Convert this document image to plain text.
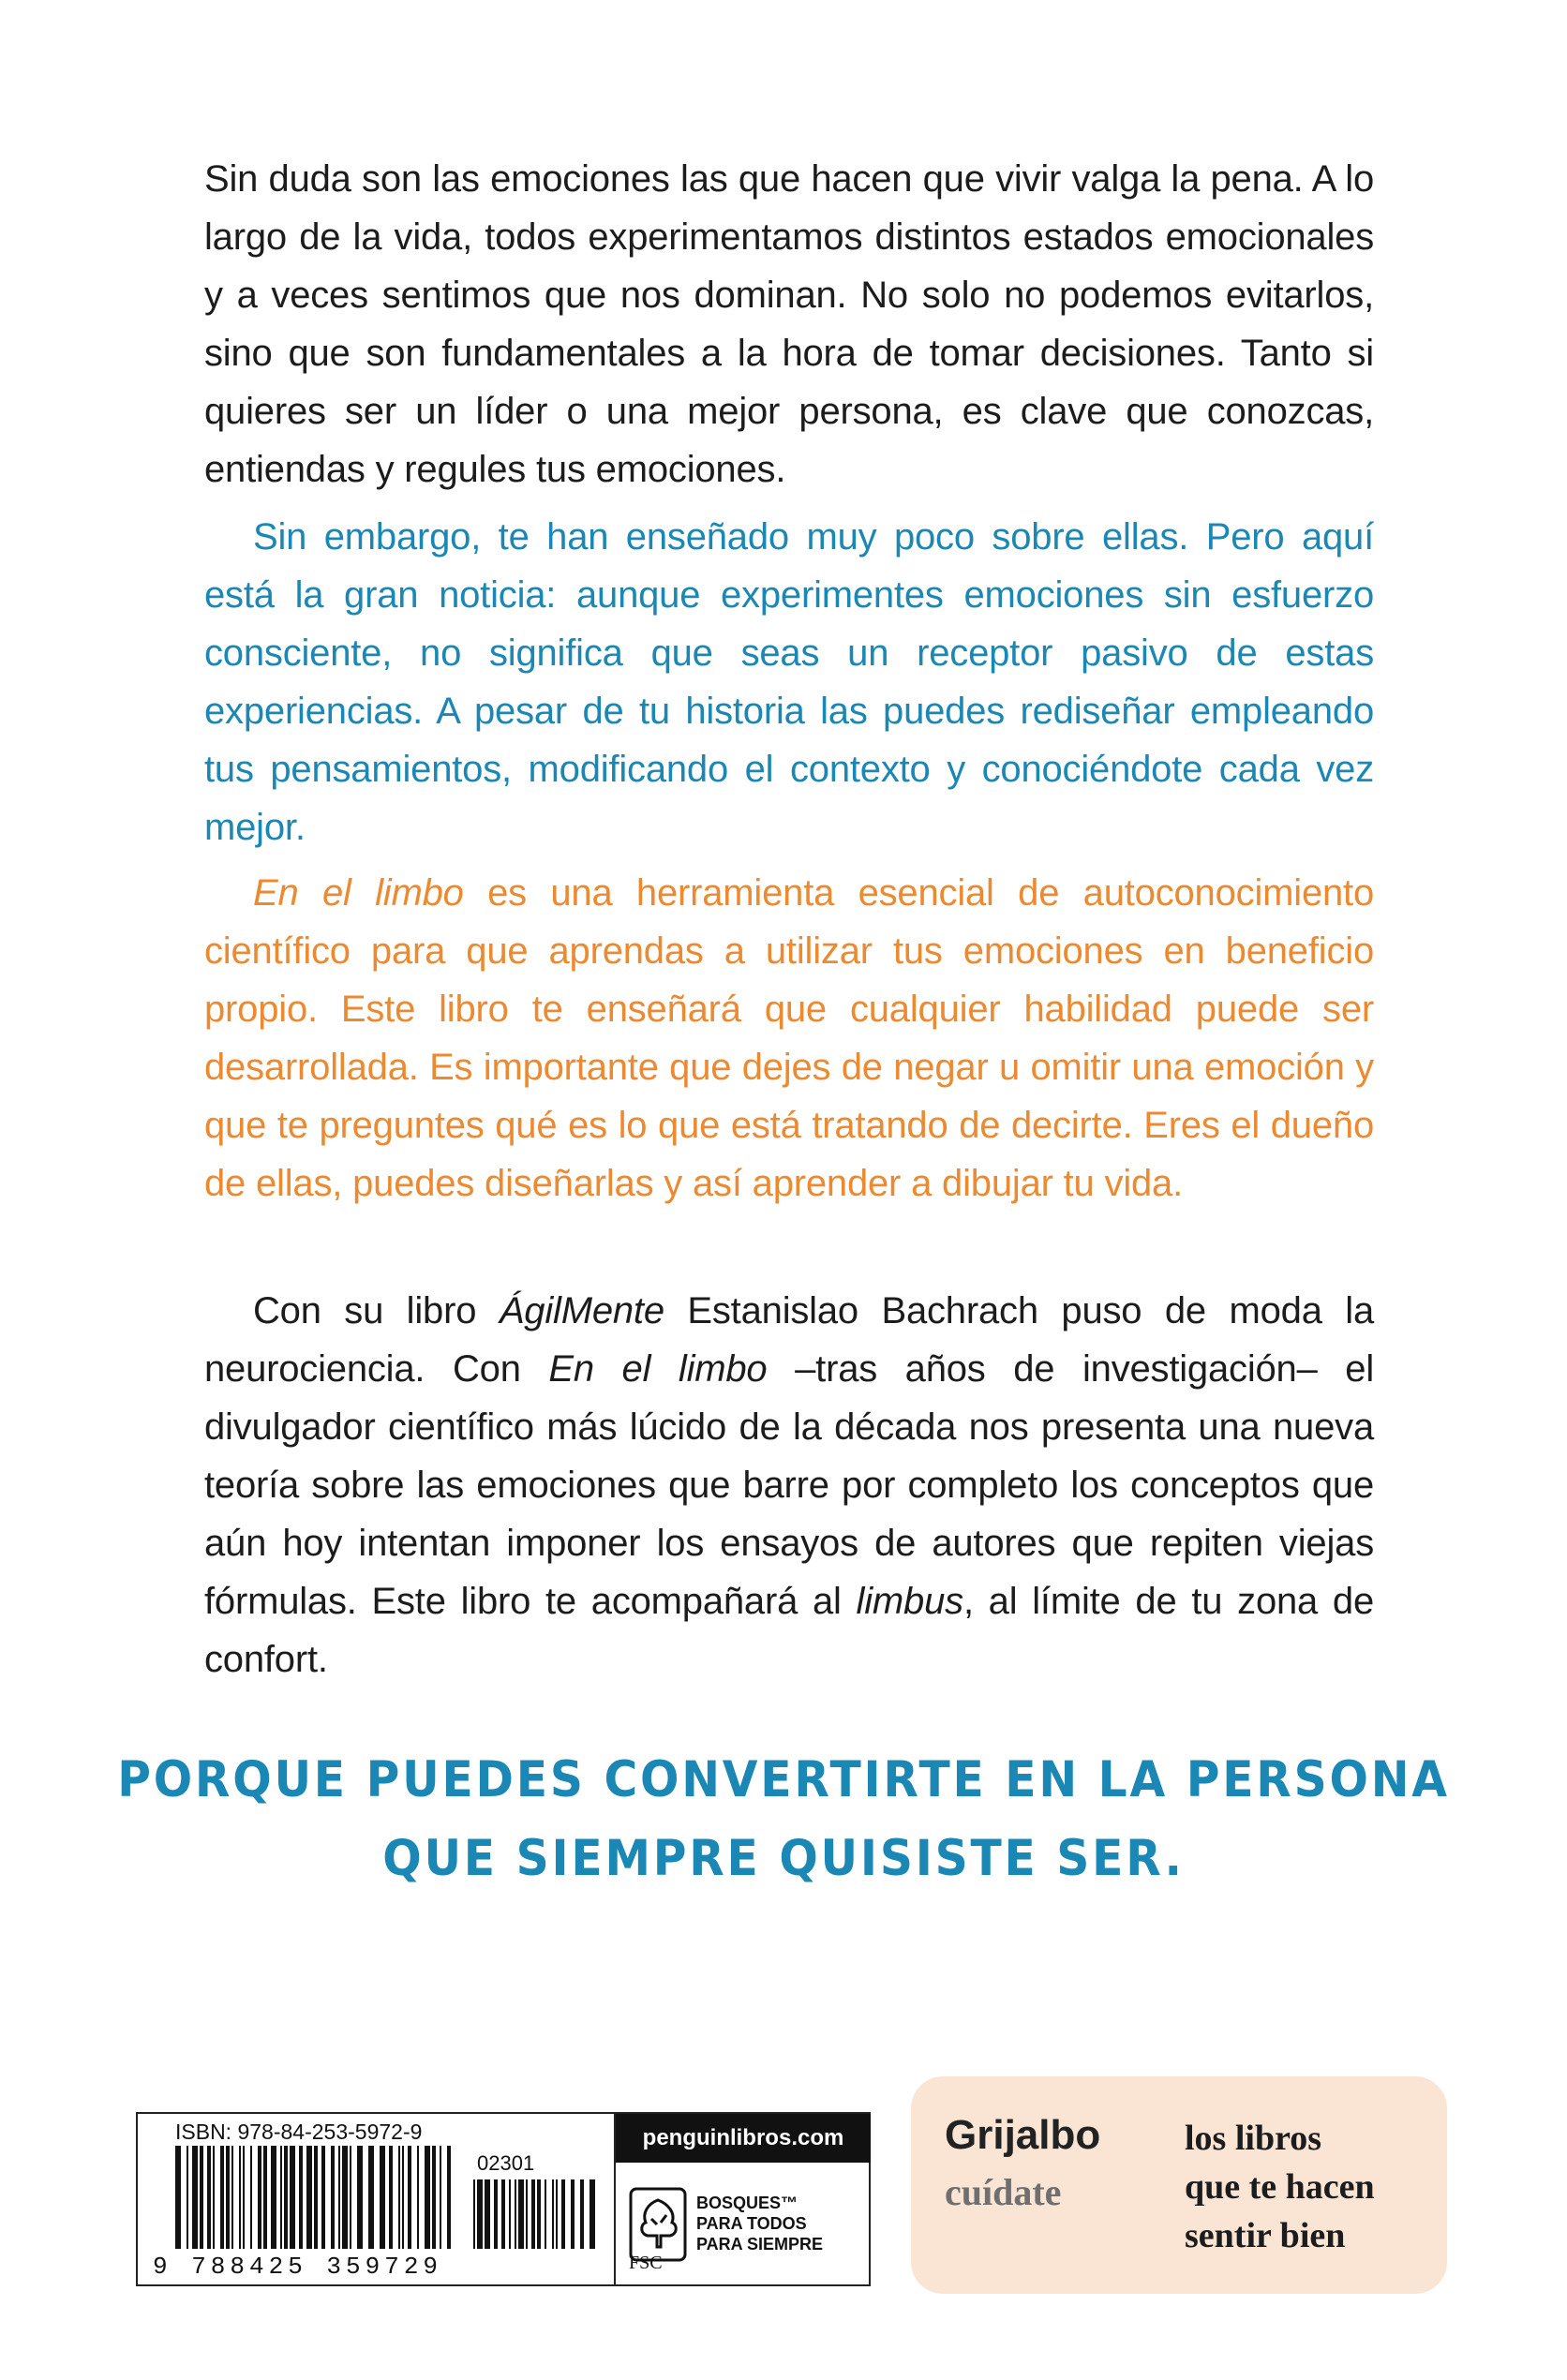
Sin duda son las emociones las que hacen que vivir valga la pena. A lo largo de la vida, todos experimentamos distintos estados emocionales y a veces sentimos que nos dominan. No solo no podemos evitarlos, sino que son fundamentales a la hora de tomar decisiones. Tanto si quieres ser un líder o una mejor persona, es clave que conozcas, entiendas y regules tus emociones.

Sin embargo, te han enseñado muy poco sobre ellas. Pero aquí está la gran noticia: aunque experimentes emociones sin esfuerzo consciente, no significa que seas un receptor pasivo de estas experiencias. A pesar de tu historia las puedes rediseñar empleando tus pensamientos, modificando el contexto y conociéndote cada vez mejor.

En el limbo es una herramienta esencial de autoconocimiento científico para que aprendas a utilizar tus emociones en beneficio propio. Este libro te enseñará que cualquier habilidad puede ser desarrollada. Es importante que dejes de negar u omitir una emoción y que te preguntes qué es lo que está tratando de decirte. Eres el dueño de ellas, puedes diseñarlas y así aprender a dibujar tu vida.

Con su libro ÁgilMente Estanislao Bachrach puso de moda la neurociencia. Con En el limbo –tras años de investigación– el divulgador científico más lúcido de la década nos presenta una nueva teoría sobre las emociones que barre por completo los conceptos que aún hoy intentan imponer los ensayos de autores que repiten viejas fórmulas. Este libro te acompañará al limbus, al límite de tu zona de confort.

PORQUE PUEDES CONVERTIRTE EN LA PERSONA
QUE SIEMPRE QUISISTE SER.
ISBN: 978-84-253-5972-9
02301
9 788425 359729
penguinlibros.com
FSC
BOSQUES™
PARA TODOS
PARA SIEMPRE
Grijalbo
cuídate
los libros
que te hacen
sentir bien
